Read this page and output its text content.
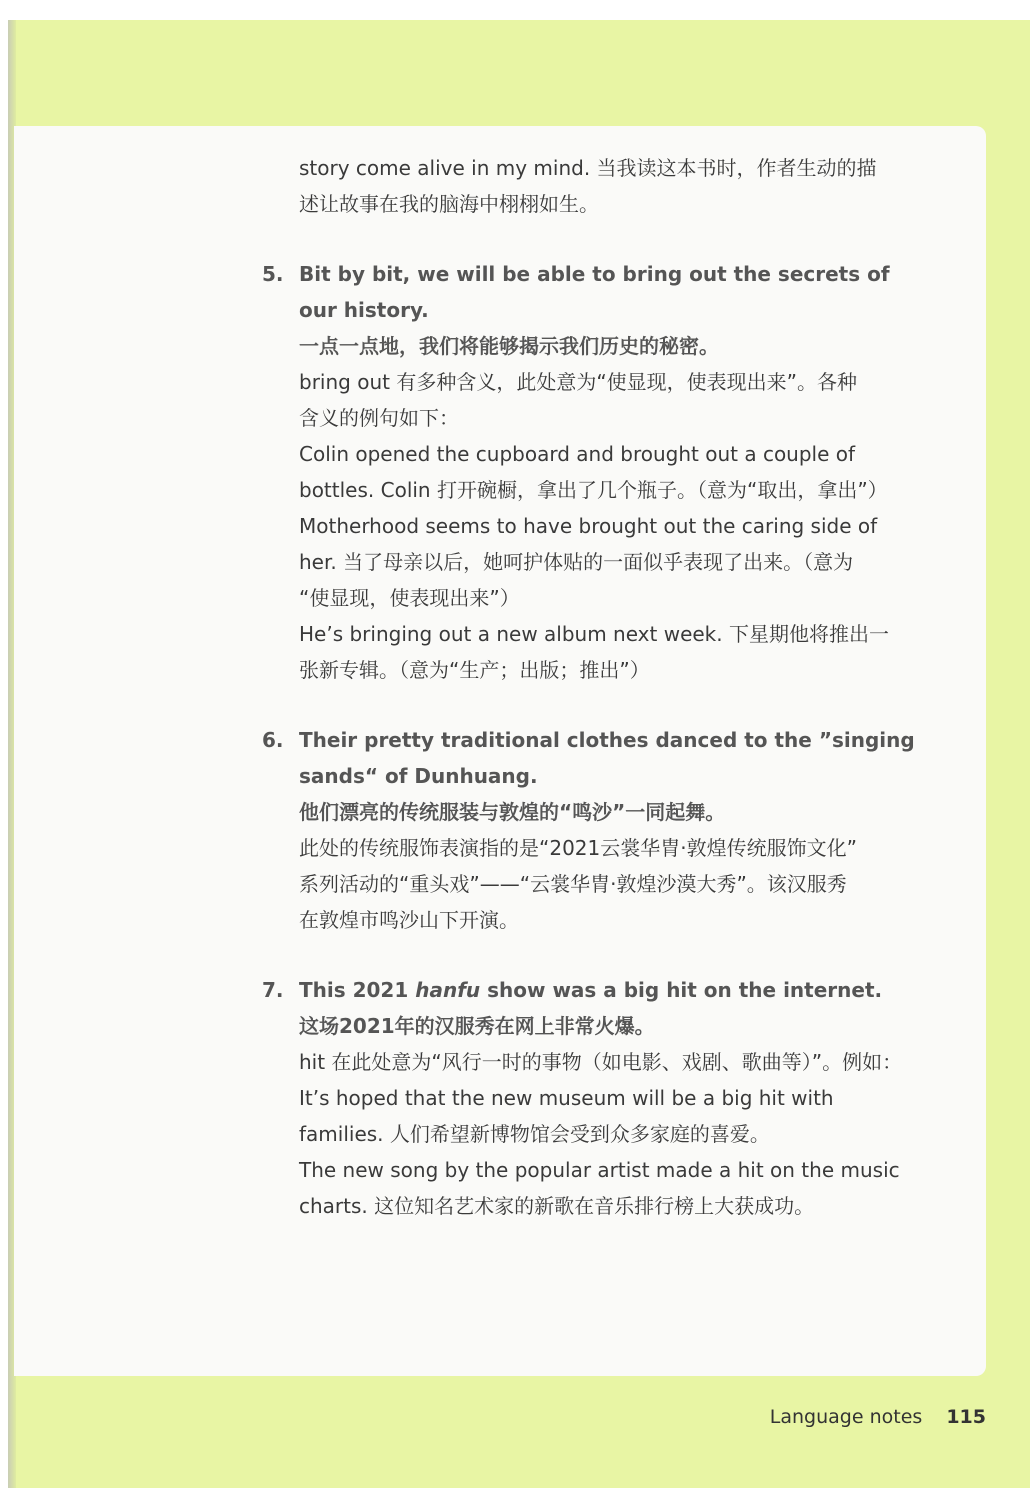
story come alive in my mind. 当我读这本书时，作者生动的描
述让故事在我的脑海中栩栩如生。
5. Bit by bit, we will be able to bring out the secrets of
our history.
一点一点地，我们将能够揭示我们历史的秘密。
bring out 有多种含义，此处意为“使显现，使表现出来”。各种
含义的例句如下：
Colin opened the cupboard and brought out a couple of
bottles. Colin 打开碗橱，拿出了几个瓶子。（意为“取出，拿出”）
Motherhood seems to have brought out the caring side of
her. 当了母亲以后，她呵护体贴的一面似乎表现了出来。（意为
“使显现，使表现出来”）
He’s bringing out a new album next week. 下星期他将推出一
张新专辑。（意为“生产；出版；推出”）
6. Their pretty traditional clothes danced to the ”singing
sands“ of Dunhuang.
他们漂亮的传统服装与敦煌的“鸣沙”一同起舞。
此处的传统服饰表演指的是“2021云裳华胄·敦煌传统服饰文化”
系列活动的“重头戏”——“云裳华胄·敦煌沙漠大秀”。该汉服秀
在敦煌市鸣沙山下开演。
7. This 2021 hanfu show was a big hit on the internet.
这场2021年的汉服秀在网上非常火爆。
hit 在此处意为“风行一时的事物（如电影、戏剧、歌曲等）”。例如：
It’s hoped that the new museum will be a big hit with
families. 人们希望新博物馆会受到众多家庭的喜爱。
The new song by the popular artist made a hit on the music
charts. 这位知名艺术家的新歌在音乐排行榜上大获成功。
Language notes 115
